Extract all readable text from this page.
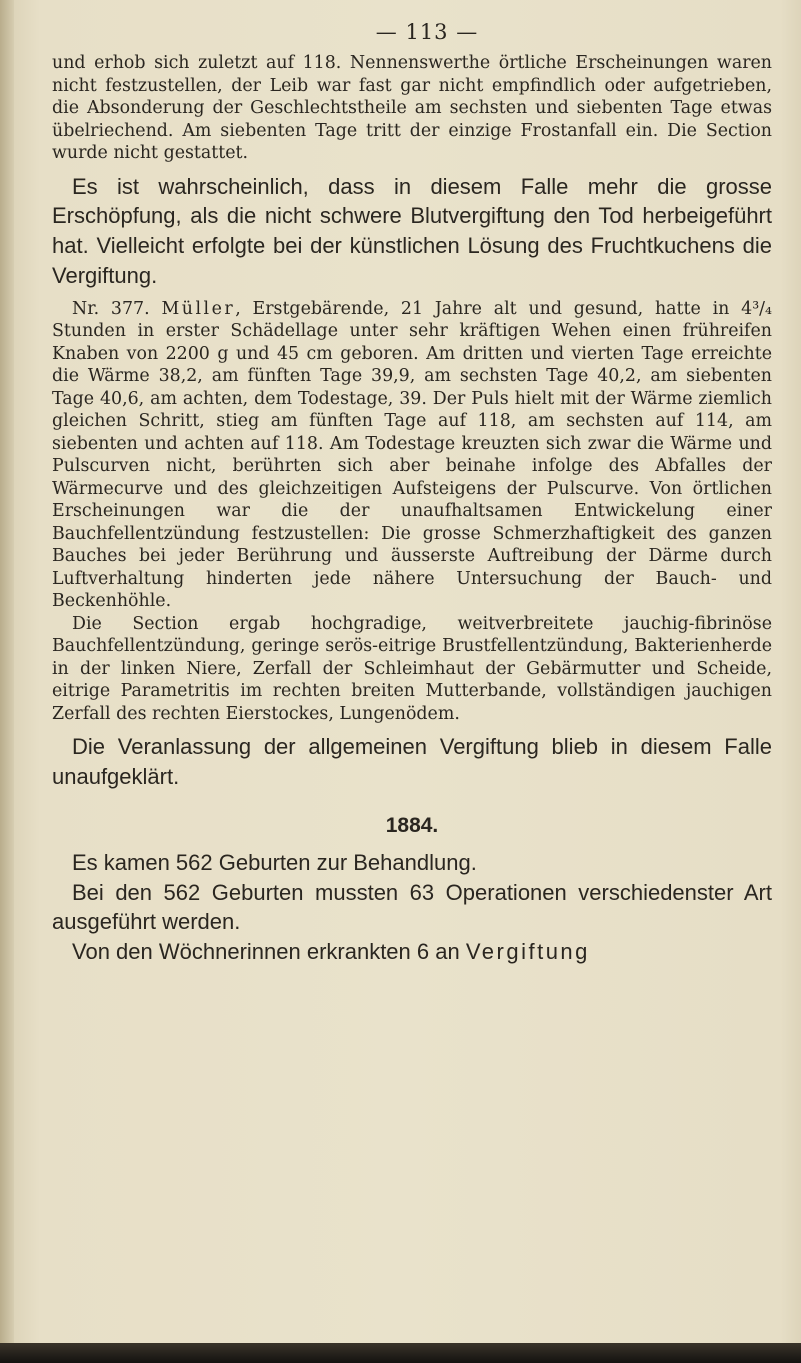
— 113 —

und erhob sich zuletzt auf 118. Nennenswerthe örtliche Erscheinungen waren nicht festzustellen, der Leib war fast gar nicht empfindlich oder aufgetrieben, die Absonderung der Geschlechtstheile am sechsten und siebenten Tage etwas übelriechend. Am siebenten Tage tritt der einzige Frostanfall ein. Die Section wurde nicht gestattet.

Es ist wahrscheinlich, dass in diesem Falle mehr die grosse Erschöpfung, als die nicht schwere Blutvergiftung den Tod herbeigeführt hat. Vielleicht erfolgte bei der künstlichen Lösung des Fruchtkuchens die Vergiftung.

Nr. 377. Müller, Erstgebärende, 21 Jahre alt und gesund, hatte in 4³/₄ Stunden in erster Schädellage unter sehr kräftigen Wehen einen frühreifen Knaben von 2200 g und 45 cm geboren. Am dritten und vierten Tage erreichte die Wärme 38,2, am fünften Tage 39,9, am sechsten Tage 40,2, am siebenten Tage 40,6, am achten, dem Todestage, 39. Der Puls hielt mit der Wärme ziemlich gleichen Schritt, stieg am fünften Tage auf 118, am sechsten auf 114, am siebenten und achten auf 118. Am Todestage kreuzten sich zwar die Wärme und Pulscurven nicht, berührten sich aber beinahe infolge des Abfalles der Wärmecurve und des gleichzeitigen Aufsteigens der Pulscurve. Von örtlichen Erscheinungen war die der unaufhaltsamen Entwickelung einer Bauchfellentzündung festzustellen: Die grosse Schmerzhaftigkeit des ganzen Bauches bei jeder Berührung und äusserste Auftreibung der Därme durch Luftverhaltung hinderten jede nähere Untersuchung der Bauch- und Beckenhöhle.

Die Section ergab hochgradige, weitverbreitete jauchig-fibrinöse Bauchfellentzündung, geringe serös-eitrige Brustfellentzündung, Bakterienherde in der linken Niere, Zerfall der Schleimhaut der Gebärmutter und Scheide, eitrige Parametritis im rechten breiten Mutterbande, vollständigen jauchigen Zerfall des rechten Eierstockes, Lungenödem.

Die Veranlassung der allgemeinen Vergiftung blieb in diesem Falle unaufgeklärt.

1884.

Es kamen 562 Geburten zur Behandlung.

Bei den 562 Geburten mussten 63 Operationen verschiedenster Art ausgeführt werden.

Von den Wöchnerinnen erkrankten 6 an Vergiftung
